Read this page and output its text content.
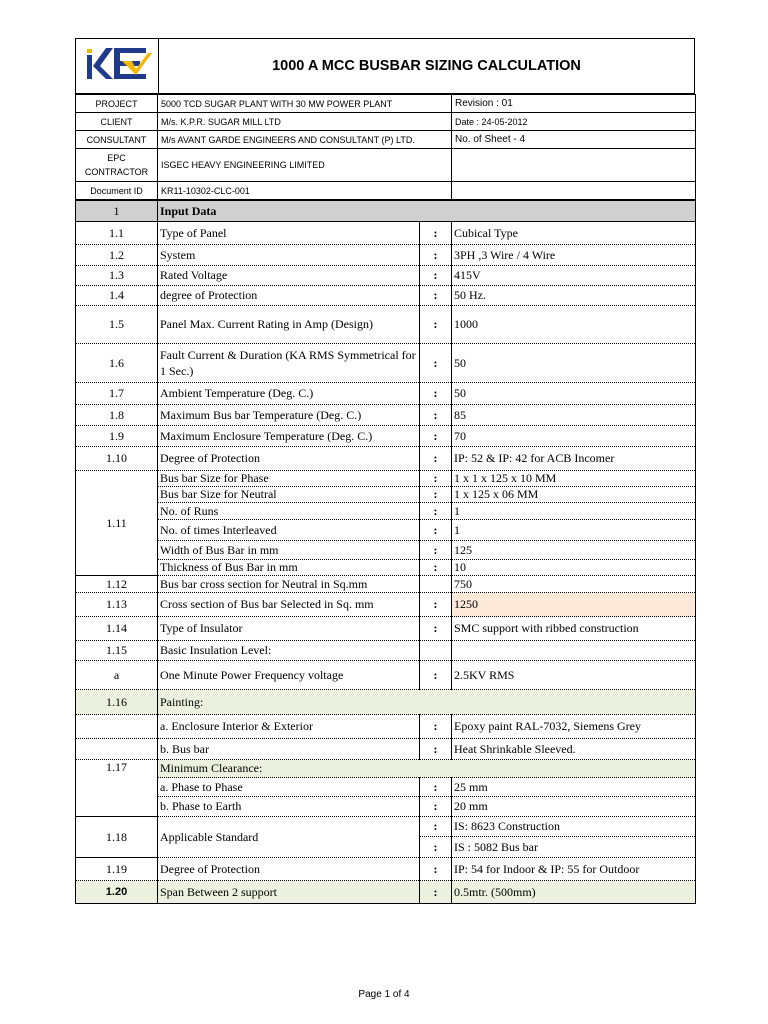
1000 A MCC BUSBAR SIZING CALCULATION
PROJECT	5000 TCD SUGAR PLANT WITH 30 MW POWER PLANT	Revision : 01
CLIENT	M/s. K.P.R. SUGAR MILL LTD	Date : 24-05-2012
CONSULTANT	M/s AVANT GARDE ENGINEERS AND CONSULTANT (P) LTD.	No. of Sheet - 4
EPC CONTRACTOR	ISGEC HEAVY ENGINEERING LIMITED	
Document ID	KR11-10302-CLC-001	
1	Input Data		
1.1	Type of Panel	:	Cubical Type
1.2	System	:	3PH ,3 Wire / 4 Wire
1.3	Rated Voltage	:	415V
1.4	degree of Protection	:	50 Hz.
1.5	Panel Max. Current Rating in Amp (Design)	:	1000
1.6	Fault Current & Duration (KA RMS Symmetrical for 1 Sec.)	:	50
1.7	Ambient Temperature (Deg. C.)	:	50
1.8	Maximum Bus bar Temperature (Deg. C.)	:	85
1.9	Maximum Enclosure Temperature (Deg. C.)	:	70
1.10	Degree of Protection	:	IP: 52 & IP: 42 for ACB Incomer
1.11	Bus bar Size for Phase	:	1 x 1 x 125 x 10 MM
	Bus bar Size for Neutral	:	1 x 125 x 06 MM
	No. of Runs	:	1
	No. of times Interleaved	:	1
	Width of Bus Bar in mm	:	125
	Thickness of Bus Bar in mm	:	10
1.12	Bus bar cross section for Neutral in Sq.mm		750
1.13	Cross section of Bus bar Selected in Sq. mm	:	1250
1.14	Type of Insulator	:	SMC support with ribbed construction
1.15	Basic Insulation Level:		
a	One Minute Power Frequency voltage	:	2.5KV RMS
1.16	Painting:		
	a. Enclosure Interior & Exterior	:	Epoxy paint RAL-7032, Siemens Grey
	b. Bus bar	:	Heat Shrinkable Sleeved.
1.17	Minimum Clearance:		
	a. Phase to Phase	:	25 mm
	b. Phase to Earth	:	20 mm
1.18	Applicable Standard	:	IS: 8623 Construction
		:	IS : 5082 Bus bar
1.19	Degree of Protection	:	IP: 54 for Indoor & IP: 55 for Outdoor
1.20	Span Between 2 support	:	0.5mtr. (500mm)
Page 1 of 4
